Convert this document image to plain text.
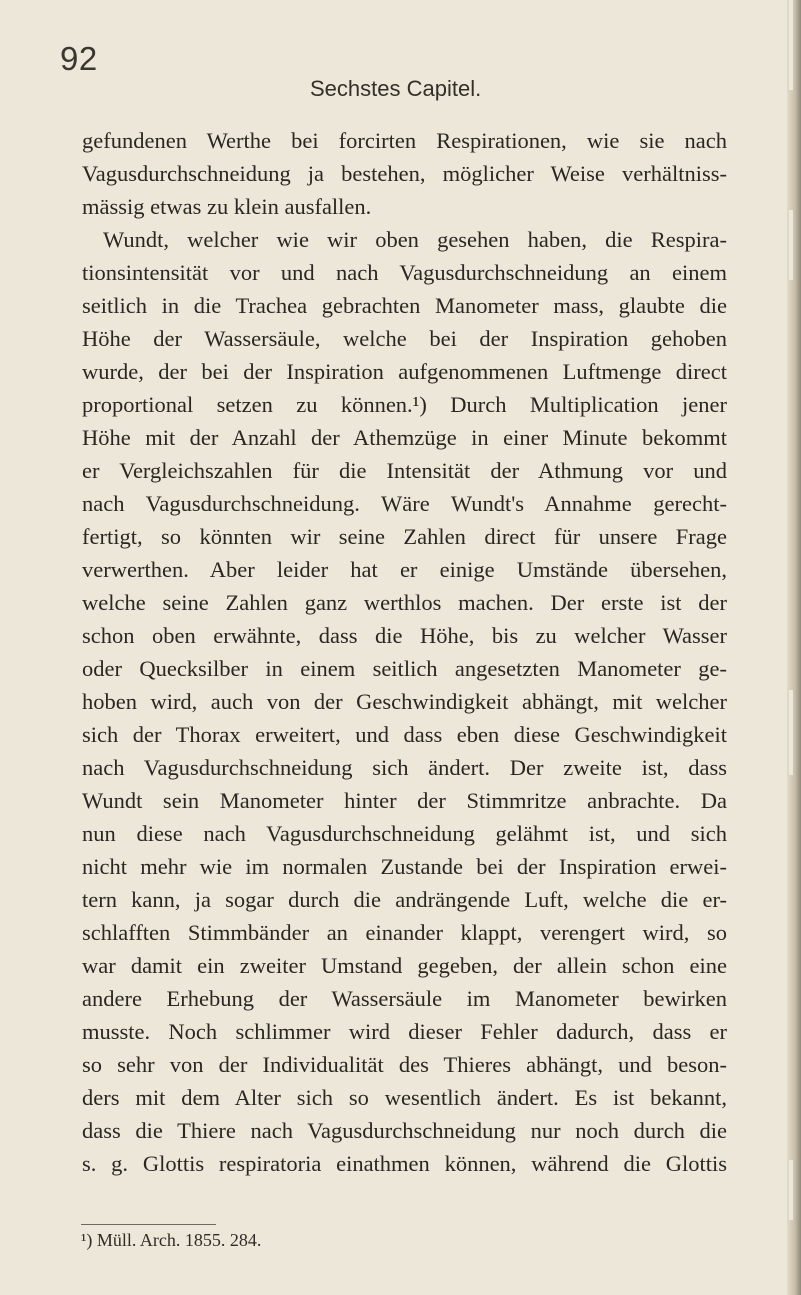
92
Sechstes Capitel.
gefundenen Werthe bei forcirten Respirationen, wie sie nach
Vagusdurchschneidung ja bestehen, möglicher Weise verhältniss-
mässig etwas zu klein ausfallen.
Wundt, welcher wie wir oben gesehen haben, die Respira-
tionsintensität vor und nach Vagusdurchschneidung an einem
seitlich in die Trachea gebrachten Manometer mass, glaubte die
Höhe der Wassersäule, welche bei der Inspiration gehoben
wurde, der bei der Inspiration aufgenommenen Luftmenge direct
proportional setzen zu können.¹) Durch Multiplication jener
Höhe mit der Anzahl der Athemzüge in einer Minute bekommt
er Vergleichszahlen für die Intensität der Athmung vor und
nach Vagusdurchschneidung. Wäre Wundt's Annahme gerecht-
fertigt, so könnten wir seine Zahlen direct für unsere Frage
verwerthen. Aber leider hat er einige Umstände übersehen,
welche seine Zahlen ganz werthlos machen. Der erste ist der
schon oben erwähnte, dass die Höhe, bis zu welcher Wasser
oder Quecksilber in einem seitlich angesetzten Manometer ge-
hoben wird, auch von der Geschwindigkeit abhängt, mit welcher
sich der Thorax erweitert, und dass eben diese Geschwindigkeit
nach Vagusdurchschneidung sich ändert. Der zweite ist, dass
Wundt sein Manometer hinter der Stimmritze anbrachte. Da
nun diese nach Vagusdurchschneidung gelähmt ist, und sich
nicht mehr wie im normalen Zustande bei der Inspiration erwei-
tern kann, ja sogar durch die andrängende Luft, welche die er-
schlafften Stimmbänder an einander klappt, verengert wird, so
war damit ein zweiter Umstand gegeben, der allein schon eine
andere Erhebung der Wassersäule im Manometer bewirken
musste. Noch schlimmer wird dieser Fehler dadurch, dass er
so sehr von der Individualität des Thieres abhängt, und beson-
ders mit dem Alter sich so wesentlich ändert. Es ist bekannt,
dass die Thiere nach Vagusdurchschneidung nur noch durch die
s. g. Glottis respiratoria einathmen können, während die Glottis
¹) Müll. Arch. 1855. 284.
